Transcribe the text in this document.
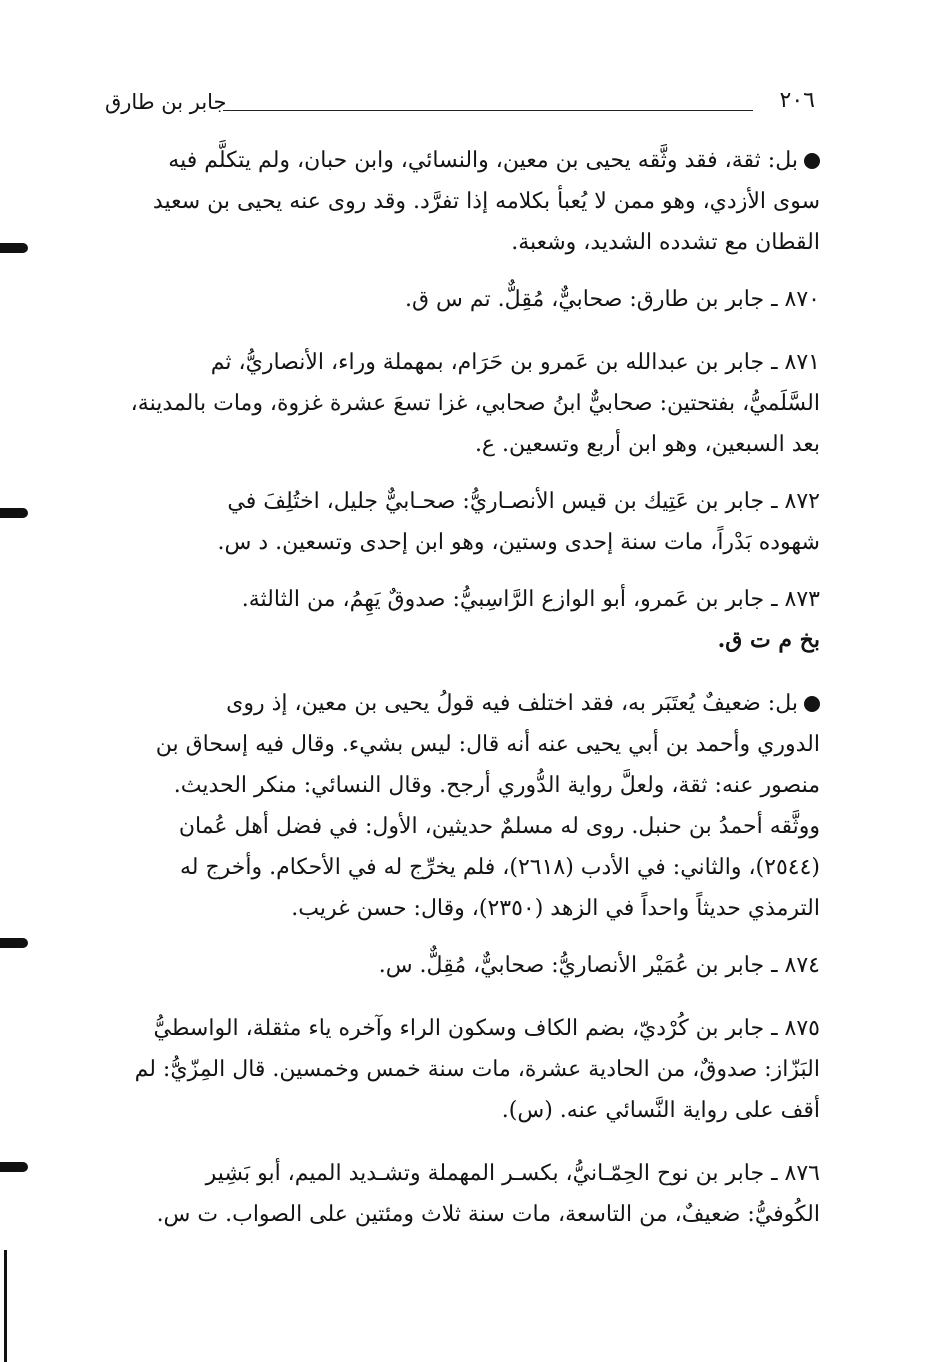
جابر بن طارق	٢٠٦

بل: ثقة، فقد وثَّقه يحيى بن معين، والنسائي، وابن حبان، ولم يتكلَّم فيه
سوى الأزدي، وهو ممن لا يُعبأ بكلامه إذا تفرَّد. وقد روى عنه يحيى بن سعيد
القطان مع تشدده الشديد، وشعبة.

٨٧٠ ـ جابر بن طارق: صحابيٌّ، مُقِلٌّ. تم س ق.

٨٧١ ـ جابر بن عبدالله بن عَمرو بن حَرَام، بمهملة وراء، الأنصاريُّ، ثم
السَّلَميُّ، بفتحتين: صحابيٌّ ابنُ صحابي، غزا تسعَ عشرة غزوة، ومات بالمدينة،
بعد السبعين، وهو ابن أربع وتسعين. ع.

٨٧٢ ـ جابر بن عَتِيك بن قيس الأنصـاريُّ: صحـابيٌّ جليل، اختُلِفَ في
شهوده بَدْراً، مات سنة إحدى وستين، وهو ابن إحدى وتسعين. د س.

٨٧٣ ـ جابر بن عَمرو، أبو الوازع الرَّاسِبيُّ: صدوقٌ يَهِمُ، من الثالثة.
بخ م ت ق.

بل: ضعيفٌ يُعتَبَر به، فقد اختلف فيه قولُ يحيى بن معين، إذ روى
الدوري وأحمد بن أبي يحيى عنه أنه قال: ليس بشيء. وقال فيه إسحاق بن
منصور عنه: ثقة، ولعلَّ رواية الدُّوري أرجح. وقال النسائي: منكر الحديث.
ووثَّقه أحمدُ بن حنبل. روى له مسلمٌ حديثين، الأول: في فضل أهل عُمان
(٢٥٤٤)، والثاني: في الأدب (٢٦١٨)، فلم يخرِّج له في الأحكام. وأخرج له
الترمذي حديثاً واحداً في الزهد (٢٣٥٠)، وقال: حسن غريب.

٨٧٤ ـ جابر بن عُمَيْر الأنصاريُّ: صحابيٌّ، مُقِلٌّ. س.

٨٧٥ ـ جابر بن كُرْديّ، بضم الكاف وسكون الراء وآخره ياء مثقلة، الواسطيُّ
البَزّاز: صدوقٌ، من الحادية عشرة، مات سنة خمس وخمسين. قال المِزّيُّ: لم
أقف على رواية النَّسائي عنه. (س).

٨٧٦ ـ جابر بن نوح الحِمّـانيُّ، بكسـر المهملة وتشـديد الميم، أبو بَشِير
الكُوفيُّ: ضعيفٌ، من التاسعة، مات سنة ثلاث ومئتين على الصواب. ت س.
